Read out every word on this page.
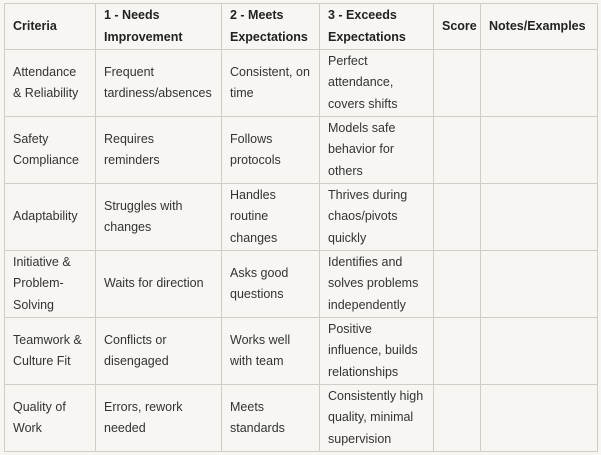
Criteria	1 - Needs Improvement	2 - Meets Expectations	3 - Exceeds Expectations	Score	Notes/Examples
Attendance & Reliability	Frequent tardiness/absences	Consistent, on time	Perfect attendance, covers shifts		
Safety Compliance	Requires reminders	Follows protocols	Models safe behavior for others		
Adaptability	Struggles with changes	Handles routine changes	Thrives during chaos/pivots quickly		
Initiative & Problem-Solving	Waits for direction	Asks good questions	Identifies and solves problems independently		
Teamwork & Culture Fit	Conflicts or disengaged	Works well with team	Positive influence, builds relationships		
Quality of Work	Errors, rework needed	Meets standards	Consistently high quality, minimal supervision		
